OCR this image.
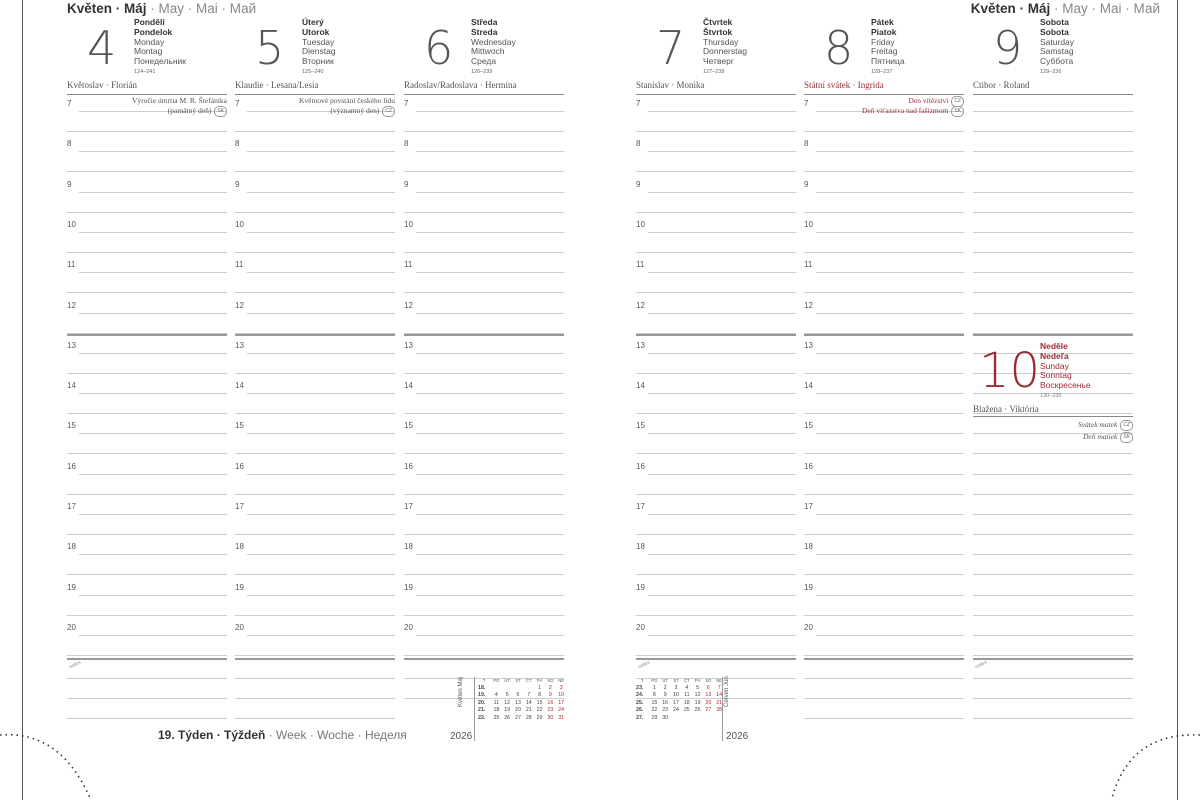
Květen · Máj · May · Mai · Май	Květen · Máj · May · Mai · Май
4 Pondělí
Pondelok
Monday
Montag
Понедельник
124–241
Květoslav · Florián
7
8
9
10
11
12
13
14
15
16
17
18
19
20
notes
Výročie úmrtia M. R. Štefánika
(pamätný deň) SK
5 Úterý
Utorok
Tuesday
Dienstag
Вторник
125–240
Klaudie · Lesana/Lesia
7
8
9
10
11
12
13
14
15
16
17
18
19
20
Květnové povstání českého lidu
(významný den) CZ
6 Středa
Streda
Wednesday
Mittwoch
Среда
126–239
Radoslav/Radoslava · Hermína
7
8
9
10
11
12
13
14
15
16
17
18
19
20
7 Čtvrtek
Štvrtok
Thursday
Donnerstag
Четверг
127–238
Stanislav · Monika
7
8
9
10
11
12
13
14
15
16
17
18
19
20
notes
8 Pátek
Piatok
Friday
Freitag
Пятница
128–237
Státní svátek · Ingrida
7
8
9
10
11
12
13
14
15
16
17
18
19
20
Den vítězství CZ
Deň víťazstva nad fašizmom SK
9 Sobota
Sobota
Saturday
Samstag
Суббота
129–236
Ctibor · Roland
notes
10 Neděle
Nedeľa
Sunday
Sonntag
Воскресенье
130–235
Blažena · Viktória
Svátek matek CZ
Deň matiek SK
19. Týden · Týždeň · Week · Woche · Неделя	2026	2026
Květen Máj	T.	PO	ÚT	ST	ČT	PÁ	SO	NE
18.					1	2	3
19.	4	5	6	7	8	9	10
20.	11	12	13	14	15	16	17
21.	18	19	20	21	22	23	24
22.	25	26	27	28	29	30	31
Červen Jún
T.	PO	ÚT	ST	ČT	PÁ	SO	NE
23.	1	2	3	4	5	6	7
24.	8	9	10	11	12	13	14
25.	15	16	17	18	19	20	21
26.	22	23	24	25	26	27	28
27.	29	30					
